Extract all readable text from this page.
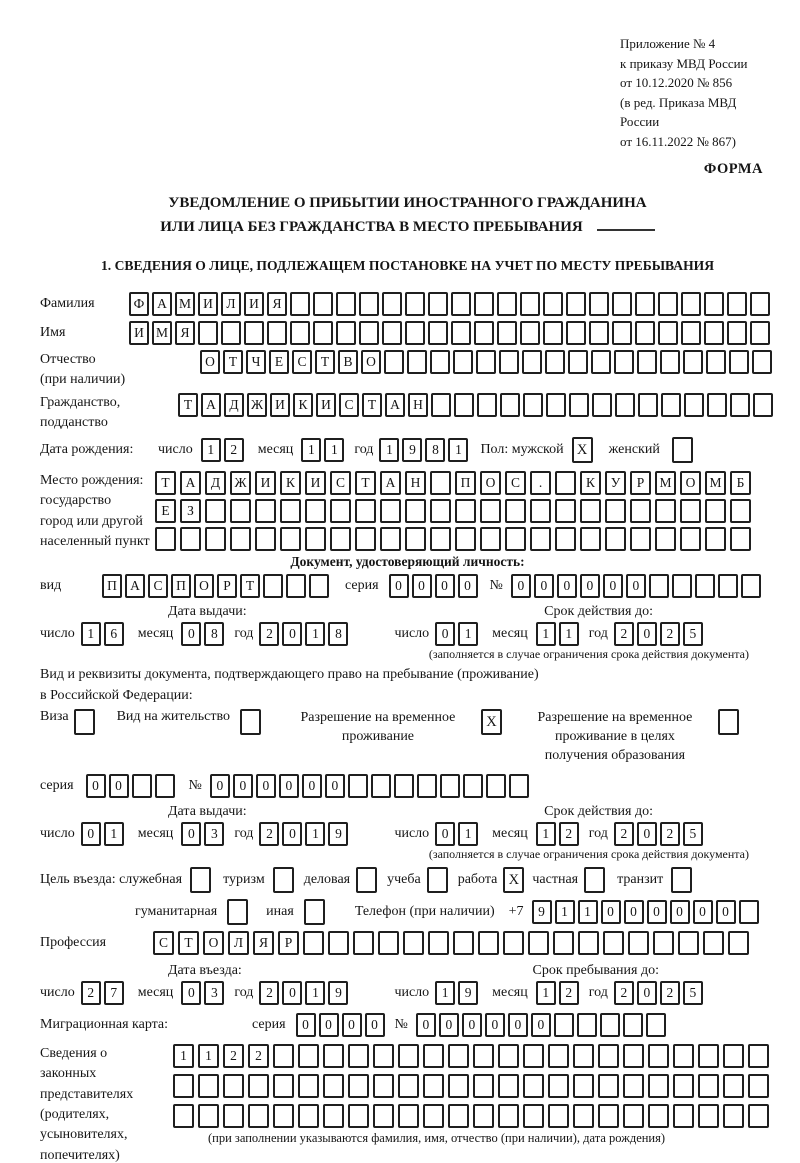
Приложение № 4
к приказу МВД России
от 10.12.2020 № 856
(в ред. Приказа МВД России
от 16.11.2022 № 867)
ФОРМА
УВЕДОМЛЕНИЕ О ПРИБЫТИИ ИНОСТРАННОГО ГРАЖДАНИНА
ИЛИ ЛИЦА БЕЗ ГРАЖДАНСТВА В МЕСТО ПРЕБЫВАНИЯ
1. СВЕДЕНИЯ О ЛИЦЕ, ПОДЛЕЖАЩЕМ ПОСТАНОВКЕ НА УЧЕТ ПО МЕСТУ ПРЕБЫВАНИЯ
Фамилия	Ф А М И	Л	И	Я
Имя	И М Я
Отчество
(при наличии)
О	Т	Ч	Е	С	Т	В	О
Гражданство,
подданство
Т	А	Д Ж И	К	И	С	Т	А Н
Дата рождения:	число	1	2	месяц	1	1	год 1	9	8	1	Пол: мужской X	женский
Место рождения:
государство
город или другой
населенный пункт
Т	А	Д	Ж	И	К	И	С	Т	А	Н	П	О	С	.	К	У	Р	М	О	М	Б
Е	З
Документ, удостоверяющий личность:
вид	П А	С	П О	Р	Т	серия	0	0	0	0	№	0	0	0	0	0	0
Дата выдачи:	Срок действия до:
число 1	6	месяц	0	8	год 2	0	1	8	число 0	1	месяц	1	1	год 2	0	2	5
(заполняется в случае ограничения срока действия документа)
Вид и реквизиты документа, подтверждающего право на пребывание (проживание)
в Российской Федерации:
Виза	Вид на жительство	Разрешение на временное
проживание
X	Разрешение на временное
проживание в целях
получения образования
серия	0	0	№	0	0	0	0	0	0
Дата выдачи:	Срок действия до:
число 0	1	месяц	0	3	год 2	0	1	9	число 0	1	месяц	1	2	год 2	0	2	5
(заполняется в случае ограничения срока действия документа)
Цель въезда: служебная	туризм	деловая	учеба	работа X частная	транзит
гуманитарная	иная	Телефон (при наличии) +7	9	1	1	0	0	0	0	0	0
Профессия	С	Т	О	Л	Я	Р
Дата въезда:	Срок пребывания до:
число 2	7	месяц	0	3	год 2	0	1	9	число 1	9	месяц	1	2	год 2	0	2	5
Миграционная карта:	серия	0	0	0	0	№	0	0	0	0	0	0
Сведения о
законных
представителях
(родителях,
усыновителях,
попечителях)
1	1	2	2
(при заполнении указываются фамилия, имя, отчество (при наличии), дата рождения)
